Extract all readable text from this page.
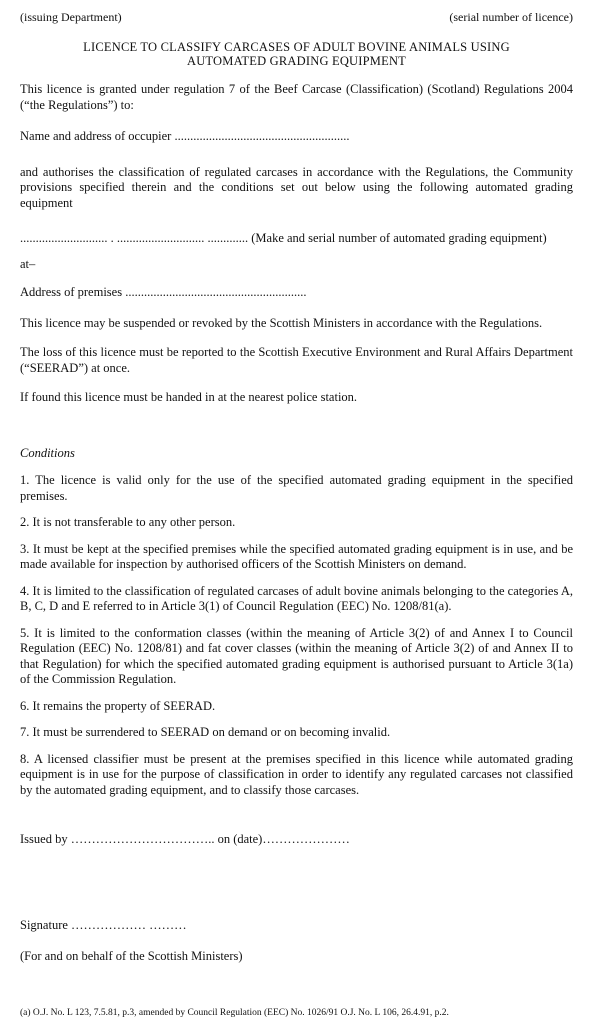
(issuing Department)	(serial number of licence)
LICENCE TO CLASSIFY CARCASES OF ADULT BOVINE ANIMALS USING
AUTOMATED GRADING EQUIPMENT

This licence is granted under regulation 7 of the Beef Carcase (Classification) (Scotland) Regulations 2004 (“the Regulations”) to:

Name and address of occupier ........................................................

and authorises the classification of regulated carcases in accordance with the Regulations, the Community provisions specified therein and the conditions set out below using the following automated grading equipment

............................ . ............................ ............. (Make and serial number of automated grading equipment)

at–

Address of premises ..........................................................

This licence may be suspended or revoked by the Scottish Ministers in accordance with the Regulations.

The loss of this licence must be reported to the Scottish Executive Environment and Rural Affairs Department (“SEERAD”) at once.

If found this licence must be handed in at the nearest police station.

Conditions

1. The licence is valid only for the use of the specified automated grading equipment in the specified premises.

2. It is not transferable to any other person.

3. It must be kept at the specified premises while the specified automated grading equipment is in use, and be made available for inspection by authorised officers of the Scottish Ministers on demand.

4. It is limited to the classification of regulated carcases of adult bovine animals belonging to the categories A, B, C, D and E referred to in Article 3(1) of Council Regulation (EEC) No. 1208/81(a).

5. It is limited to the conformation classes (within the meaning of Article 3(2) of and Annex I to Council Regulation (EEC) No. 1208/81) and fat cover classes (within the meaning of Article 3(2) of and Annex II to that Regulation) for which the specified automated grading equipment is authorised pursuant to Article 3(1a) of the Commission Regulation.

6. It remains the property of SEERAD.

7. It must be surrendered to SEERAD on demand or on becoming invalid.

8. A licensed classifier must be present at the premises specified in this licence while automated grading equipment is in use for the purpose of classification in order to identify any regulated carcases not classified by the automated grading equipment, and to classify those carcases.

Issued by …………………………….. on (date)…………………

Signature ……………… ………

(For and on behalf of the Scottish Ministers)

(a) O.J. No. L 123, 7.5.81, p.3, amended by Council Regulation (EEC) No. 1026/91 O.J. No. L 106, 26.4.91, p.2.
